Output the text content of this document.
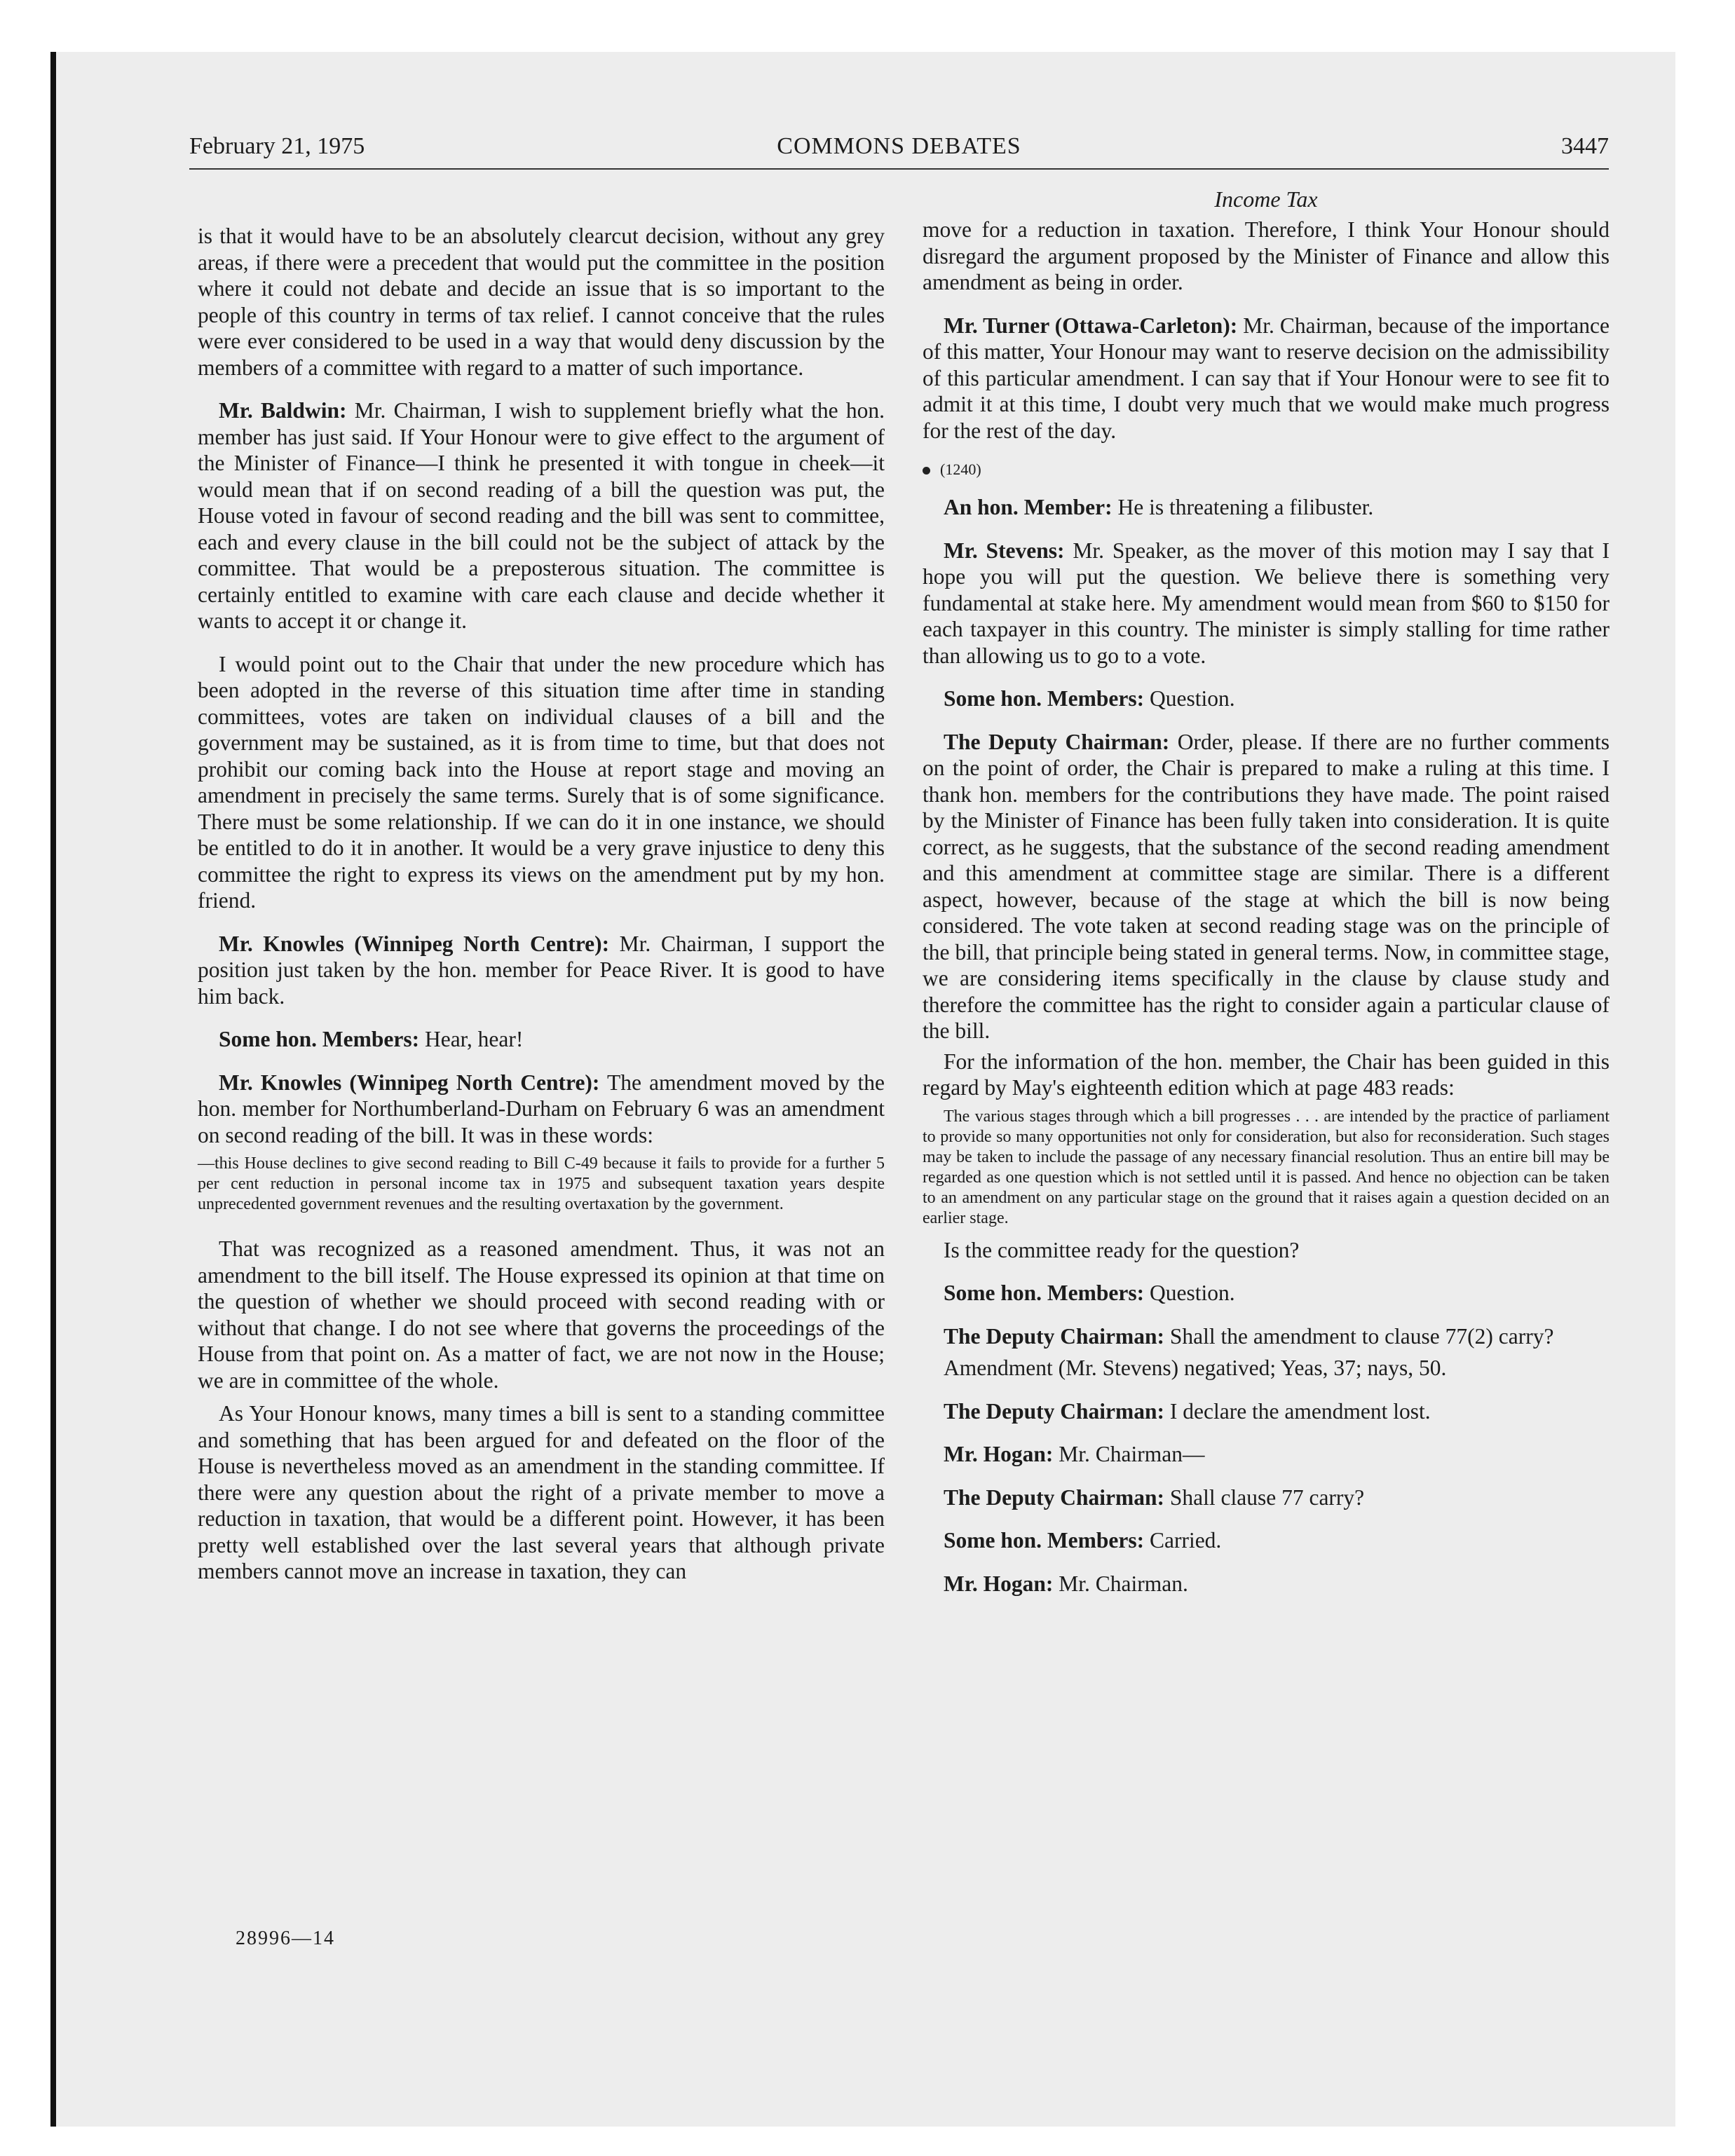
February 21, 1975	COMMONS DEBATES	3447

is that it would have to be an absolutely clearcut decision, without any grey areas, if there were a precedent that would put the committee in the position where it could not debate and decide an issue that is so important to the people of this country in terms of tax relief. I cannot conceive that the rules were ever considered to be used in a way that would deny discussion by the members of a committee with regard to a matter of such importance.

Mr. Baldwin: Mr. Chairman, I wish to supplement briefly what the hon. member has just said. If Your Honour were to give effect to the argument of the Minister of Finance—I think he presented it with tongue in cheek—it would mean that if on second reading of a bill the question was put, the House voted in favour of second reading and the bill was sent to committee, each and every clause in the bill could not be the subject of attack by the committee. That would be a preposterous situation. The committee is certainly entitled to examine with care each clause and decide whether it wants to accept it or change it.

I would point out to the Chair that under the new procedure which has been adopted in the reverse of this situation time after time in standing committees, votes are taken on individual clauses of a bill and the government may be sustained, as it is from time to time, but that does not prohibit our coming back into the House at report stage and moving an amendment in precisely the same terms. Surely that is of some significance. There must be some relationship. If we can do it in one instance, we should be entitled to do it in another. It would be a very grave injustice to deny this committee the right to express its views on the amendment put by my hon. friend.

Mr. Knowles (Winnipeg North Centre): Mr. Chairman, I support the position just taken by the hon. member for Peace River. It is good to have him back.

Some hon. Members: Hear, hear!

Mr. Knowles (Winnipeg North Centre): The amendment moved by the hon. member for Northumberland-Durham on February 6 was an amendment on second reading of the bill. It was in these words:

—this House declines to give second reading to Bill C-49 because it fails to provide for a further 5 per cent reduction in personal income tax in 1975 and subsequent taxation years despite unprecedented government revenues and the resulting overtaxation by the government.

That was recognized as a reasoned amendment. Thus, it was not an amendment to the bill itself. The House expressed its opinion at that time on the question of whether we should proceed with second reading with or without that change. I do not see where that governs the proceedings of the House from that point on. As a matter of fact, we are not now in the House; we are in committee of the whole.

As Your Honour knows, many times a bill is sent to a standing committee and something that has been argued for and defeated on the floor of the House is nevertheless moved as an amendment in the standing committee. If there were any question about the right of a private member to move a reduction in taxation, that would be a different point. However, it has been pretty well established over the last several years that although private members cannot move an increase in taxation, they can

Income Tax

move for a reduction in taxation. Therefore, I think Your Honour should disregard the argument proposed by the Minister of Finance and allow this amendment as being in order.

Mr. Turner (Ottawa-Carleton): Mr. Chairman, because of the importance of this matter, Your Honour may want to reserve decision on the admissibility of this particular amendment. I can say that if Your Honour were to see fit to admit it at this time, I doubt very much that we would make much progress for the rest of the day.

(1240)

An hon. Member: He is threatening a filibuster.

Mr. Stevens: Mr. Speaker, as the mover of this motion may I say that I hope you will put the question. We believe there is something very fundamental at stake here. My amendment would mean from $60 to $150 for each taxpayer in this country. The minister is simply stalling for time rather than allowing us to go to a vote.

Some hon. Members: Question.

The Deputy Chairman: Order, please. If there are no further comments on the point of order, the Chair is prepared to make a ruling at this time. I thank hon. members for the contributions they have made. The point raised by the Minister of Finance has been fully taken into consideration. It is quite correct, as he suggests, that the substance of the second reading amendment and this amendment at committee stage are similar. There is a different aspect, however, because of the stage at which the bill is now being considered. The vote taken at second reading stage was on the principle of the bill, that principle being stated in general terms. Now, in committee stage, we are considering items specifically in the clause by clause study and therefore the committee has the right to consider again a particular clause of the bill.

For the information of the hon. member, the Chair has been guided in this regard by May's eighteenth edition which at page 483 reads:

The various stages through which a bill progresses . . . are intended by the practice of parliament to provide so many opportunities not only for consideration, but also for reconsideration. Such stages may be taken to include the passage of any necessary financial resolution. Thus an entire bill may be regarded as one question which is not settled until it is passed. And hence no objection can be taken to an amendment on any particular stage on the ground that it raises again a question decided on an earlier stage.

Is the committee ready for the question?

Some hon. Members: Question.

The Deputy Chairman: Shall the amendment to clause 77(2) carry?

Amendment (Mr. Stevens) negatived; Yeas, 37; nays, 50.

The Deputy Chairman: I declare the amendment lost.

Mr. Hogan: Mr. Chairman—

The Deputy Chairman: Shall clause 77 carry?

Some hon. Members: Carried.

Mr. Hogan: Mr. Chairman.

28996—14
